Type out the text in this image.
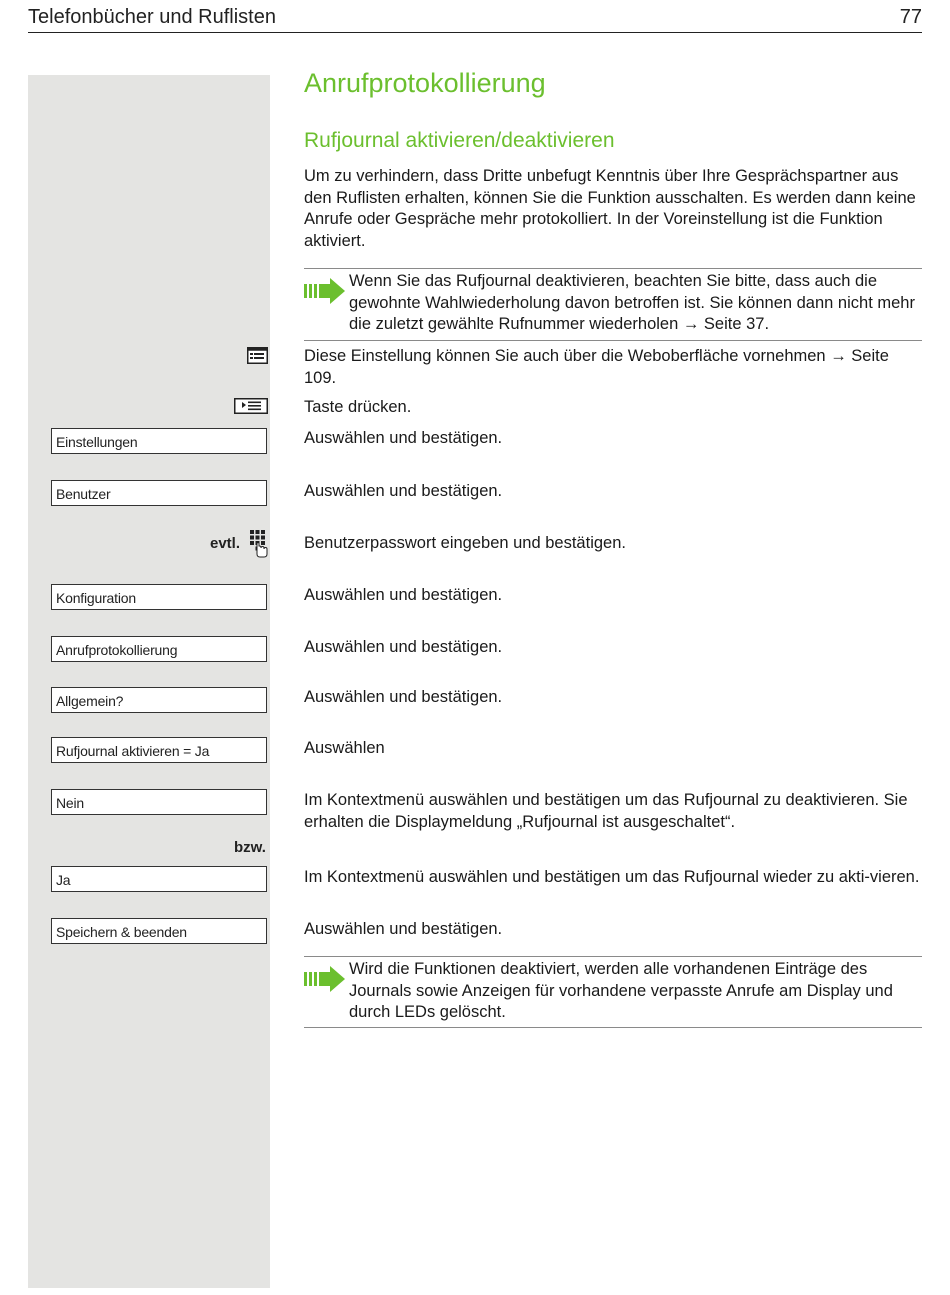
Telefonbücher und Ruflisten	77
Anrufprotokollierung
Rufjournal aktivieren/deaktivieren
Um zu verhindern, dass Dritte unbefugt Kenntnis über Ihre Gesprächspartner aus den Ruflisten erhalten, können Sie die Funktion ausschalten. Es werden dann keine Anrufe oder Gespräche mehr protokolliert. In der Voreinstellung ist die Funktion aktiviert.
Wenn Sie das Rufjournal deaktivieren, beachten Sie bitte, dass auch die gewohnte Wahlwiederholung davon betroffen ist. Sie können dann nicht mehr die zuletzt gewählte Rufnummer wiederholen → Seite 37.
Diese Einstellung können Sie auch über die Weboberfläche vornehmen → Seite 109.
Taste drücken.
Einstellungen	Auswählen und bestätigen.
Benutzer	Auswählen und bestätigen.
evtl.	Benutzerpasswort eingeben und bestätigen.
Konfiguration	Auswählen und bestätigen.
Anrufprotokollierung	Auswählen und bestätigen.
Allgemein?	Auswählen und bestätigen.
Rufjournal aktivieren = Ja	Auswählen
Nein	Im Kontextmenü auswählen und bestätigen um das Rufjournal zu deaktivieren. Sie erhalten die Displaymeldung „Rufjournal ist ausgeschaltet“.
bzw.
Ja	Im Kontextmenü auswählen und bestätigen um das Rufjournal wieder zu akti-vieren.
Speichern & beenden	Auswählen und bestätigen.
Wird die Funktionen deaktiviert, werden alle vorhandenen Einträge des Journals sowie Anzeigen für vorhandene verpasste Anrufe am Display und durch LEDs gelöscht.
